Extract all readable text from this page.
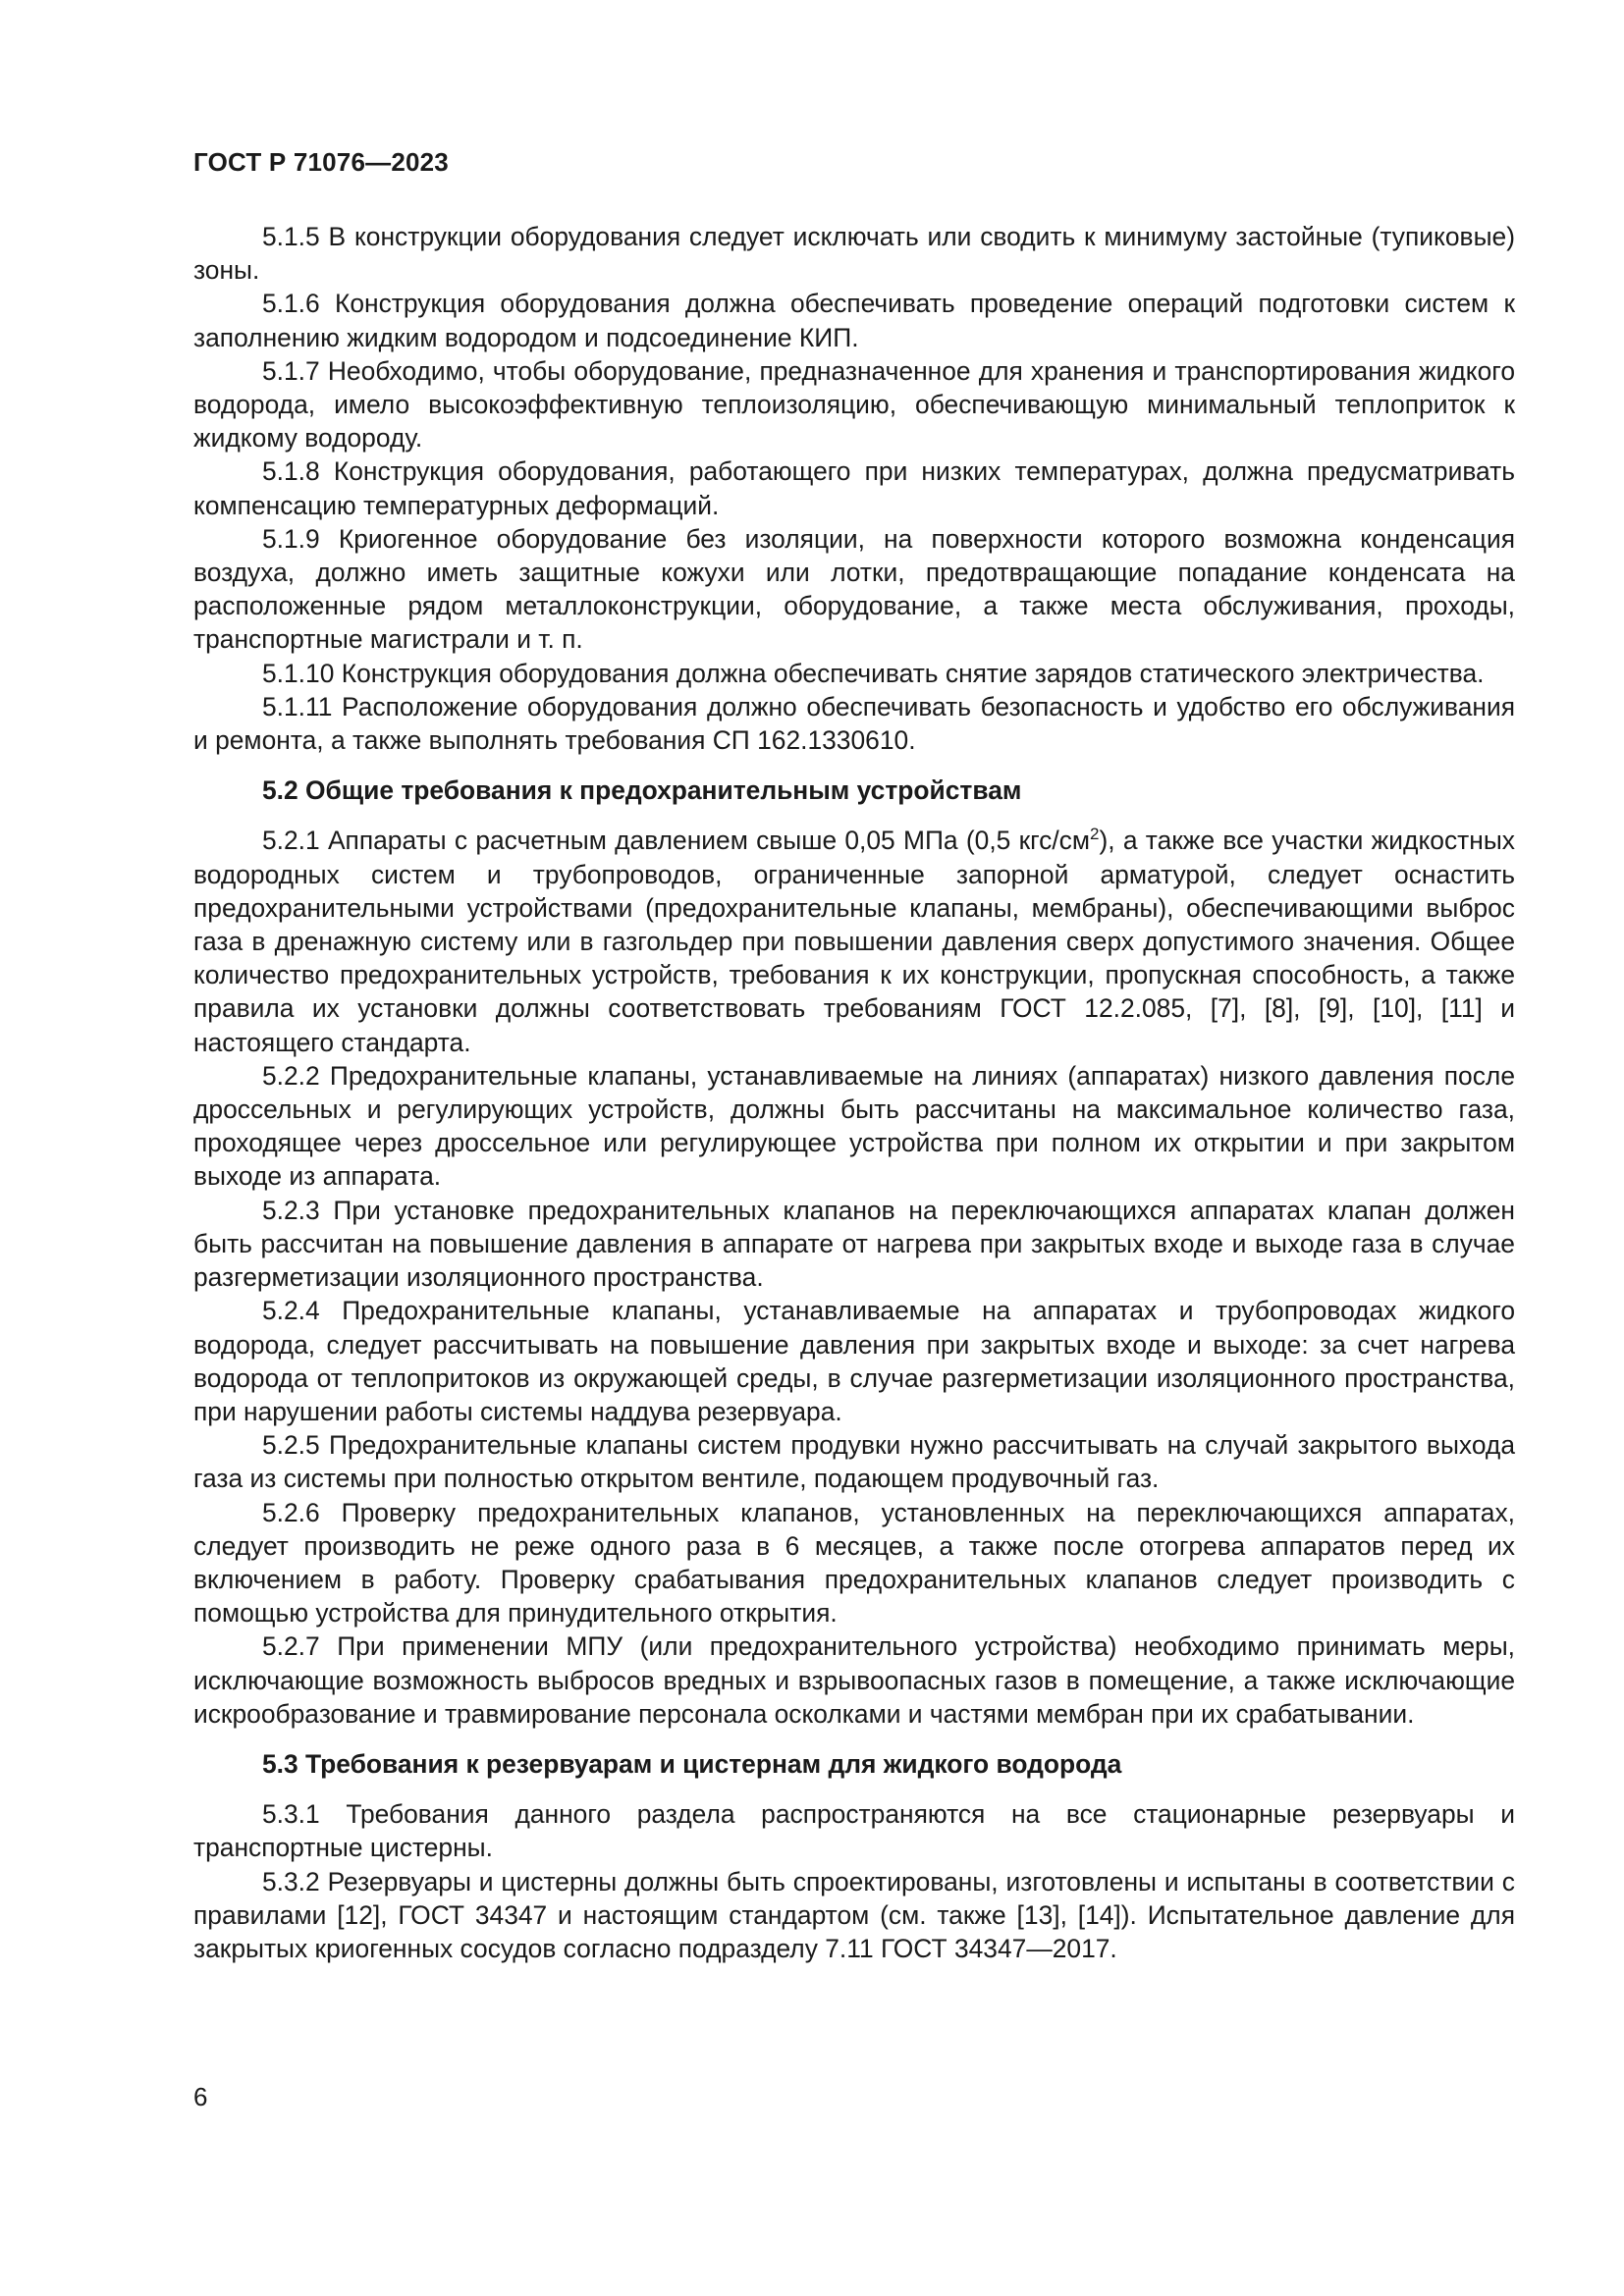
ГОСТ Р 71076—2023

5.1.5 В конструкции оборудования следует исключать или сводить к минимуму застойные (тупиковые) зоны.

5.1.6 Конструкция оборудования должна обеспечивать проведение операций подготовки систем к заполнению жидким водородом и подсоединение КИП.

5.1.7 Необходимо, чтобы оборудование, предназначенное для хранения и транспортирования жидкого водорода, имело высокоэффективную теплоизоляцию, обеспечивающую минимальный теплоприток к жидкому водороду.

5.1.8 Конструкция оборудования, работающего при низких температурах, должна предусматривать компенсацию температурных деформаций.

5.1.9 Криогенное оборудование без изоляции, на поверхности которого возможна конденсация воздуха, должно иметь защитные кожухи или лотки, предотвращающие попадание конденсата на расположенные рядом металлоконструкции, оборудование, а также места обслуживания, проходы, транспортные магистрали и т. п.

5.1.10 Конструкция оборудования должна обеспечивать снятие зарядов статического электричества.

5.1.11 Расположение оборудования должно обеспечивать безопасность и удобство его обслуживания и ремонта, а также выполнять требования СП 162.1330610.

5.2 Общие требования к предохранительным устройствам

5.2.1 Аппараты с расчетным давлением свыше 0,05 МПа (0,5 кгс/$см^2$), а также все участки жидкостных водородных систем и трубопроводов, ограниченные запорной арматурой, следует оснастить предохранительными устройствами (предохранительные клапаны, мембраны), обеспечивающими выброс газа в дренажную систему или в газгольдер при повышении давления сверх допустимого значения. Общее количество предохранительных устройств, требования к их конструкции, пропускная способность, а также правила их установки должны соответствовать требованиям ГОСТ 12.2.085, [7], [8], [9], [10], [11] и настоящего стандарта.

5.2.2 Предохранительные клапаны, устанавливаемые на линиях (аппаратах) низкого давления после дроссельных и регулирующих устройств, должны быть рассчитаны на максимальное количество газа, проходящее через дроссельное или регулирующее устройства при полном их открытии и при закрытом выходе из аппарата.

5.2.3 При установке предохранительных клапанов на переключающихся аппаратах клапан должен быть рассчитан на повышение давления в аппарате от нагрева при закрытых входе и выходе газа в случае разгерметизации изоляционного пространства.

5.2.4 Предохранительные клапаны, устанавливаемые на аппаратах и трубопроводах жидкого водорода, следует рассчитывать на повышение давления при закрытых входе и выходе: за счет нагрева водорода от теплопритоков из окружающей среды, в случае разгерметизации изоляционного пространства, при нарушении работы системы наддува резервуара.

5.2.5 Предохранительные клапаны систем продувки нужно рассчитывать на случай закрытого выхода газа из системы при полностью открытом вентиле, подающем продувочный газ.

5.2.6 Проверку предохранительных клапанов, установленных на переключающихся аппаратах, следует производить не реже одного раза в 6 месяцев, а также после отогрева аппаратов перед их включением в работу. Проверку срабатывания предохранительных клапанов следует производить с помощью устройства для принудительного открытия.

5.2.7 При применении МПУ (или предохранительного устройства) необходимо принимать меры, исключающие возможность выбросов вредных и взрывоопасных газов в помещение, а также исключающие искрообразование и травмирование персонала осколками и частями мембран при их срабатывании.

5.3 Требования к резервуарам и цистернам для жидкого водорода

5.3.1 Требования данного раздела распространяются на все стационарные резервуары и транспортные цистерны.

5.3.2 Резервуары и цистерны должны быть спроектированы, изготовлены и испытаны в соответствии с правилами [12], ГОСТ 34347 и настоящим стандартом (см. также [13], [14]). Испытательное давление для закрытых криогенных сосудов согласно подразделу 7.11 ГОСТ 34347—2017.

6
